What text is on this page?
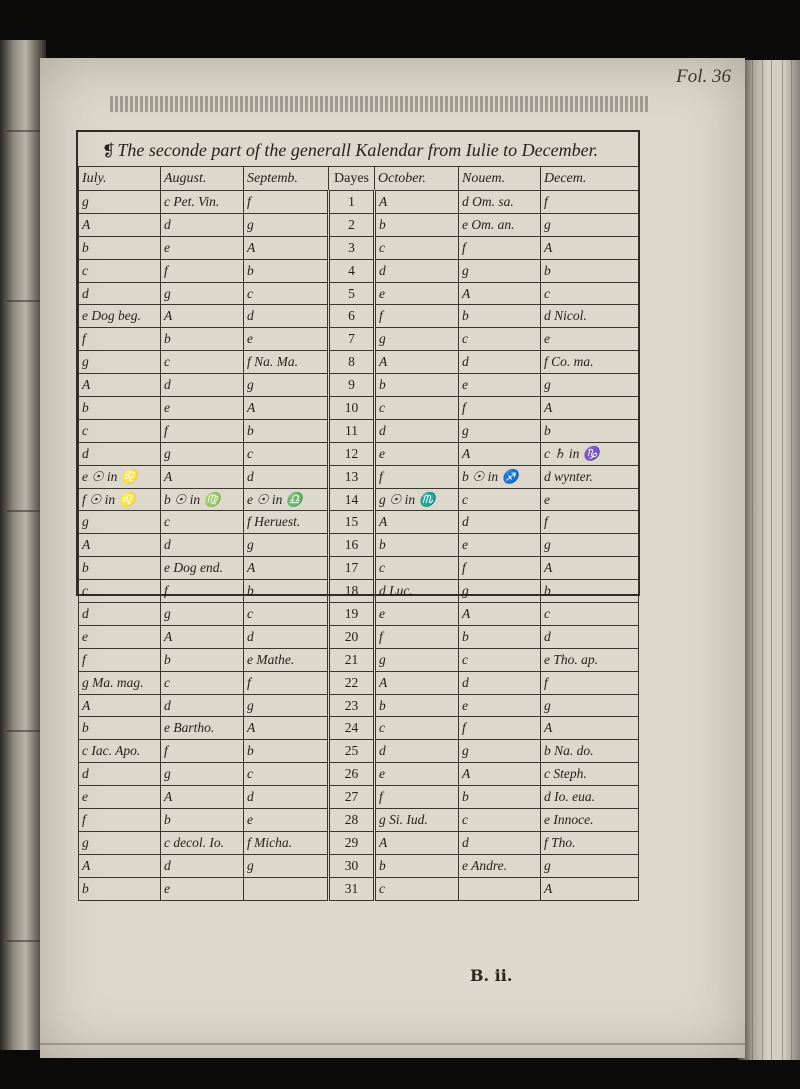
Fol. 36
❡ The seconde part of the generall Kalendar from Iulie to December.
Iuly.	August.	Septemb.	Dayes	October.	Nouem.	Decem.
g	c Pet. Vin.	f	1	A	d Om. sa.	f
A	d	g	2	b	e Om. an.	g
b	e	A	3	c	f	A
c	f	b	4	d	g	b
d	g	c	5	e	A	c
e Dog beg.	A	d	6	f	b	d Nicol.
f	b	e	7	g	c	e
g	c	f Na. Ma.	8	A	d	f Co. ma.
A	d	g	9	b	e	g
b	e	A	10	c	f	A
c	f	b	11	d	g	b
d	g	c	12	e	A	c ♄ in ♑
e ☉ in ♌	A	d	13	f	b ☉ in ♐	d wynter.
f ☉ in ♌	b ☉ in ♍	e ☉ in ♎	14	g ☉ in ♏	c	e
g	c	f Heruest.	15	A	d	f
A	d	g	16	b	e	g
b	e Dog end.	A	17	c	f	A
c	f	b	18	d Luc.	g	b
d	g	c	19	e	A	c
e	A	d	20	f	b	d
f	b	e Mathe.	21	g	c	e Tho. ap.
g Ma. mag.	c	f	22	A	d	f
A	d	g	23	b	e	g
b	e Bartho.	A	24	c	f	A
c Iac. Apo.	f	b	25	d	g	b Na. do.
d	g	c	26	e	A	c Steph.
e	A	d	27	f	b	d Io. eua.
f	b	e	28	g Si. Iud.	c	e Innoce.
g	c decol. Io.	f Micha.	29	A	d	f Tho.
A	d	g	30	b	e Andre.	g
b	e		31	c		A
B. ii.
